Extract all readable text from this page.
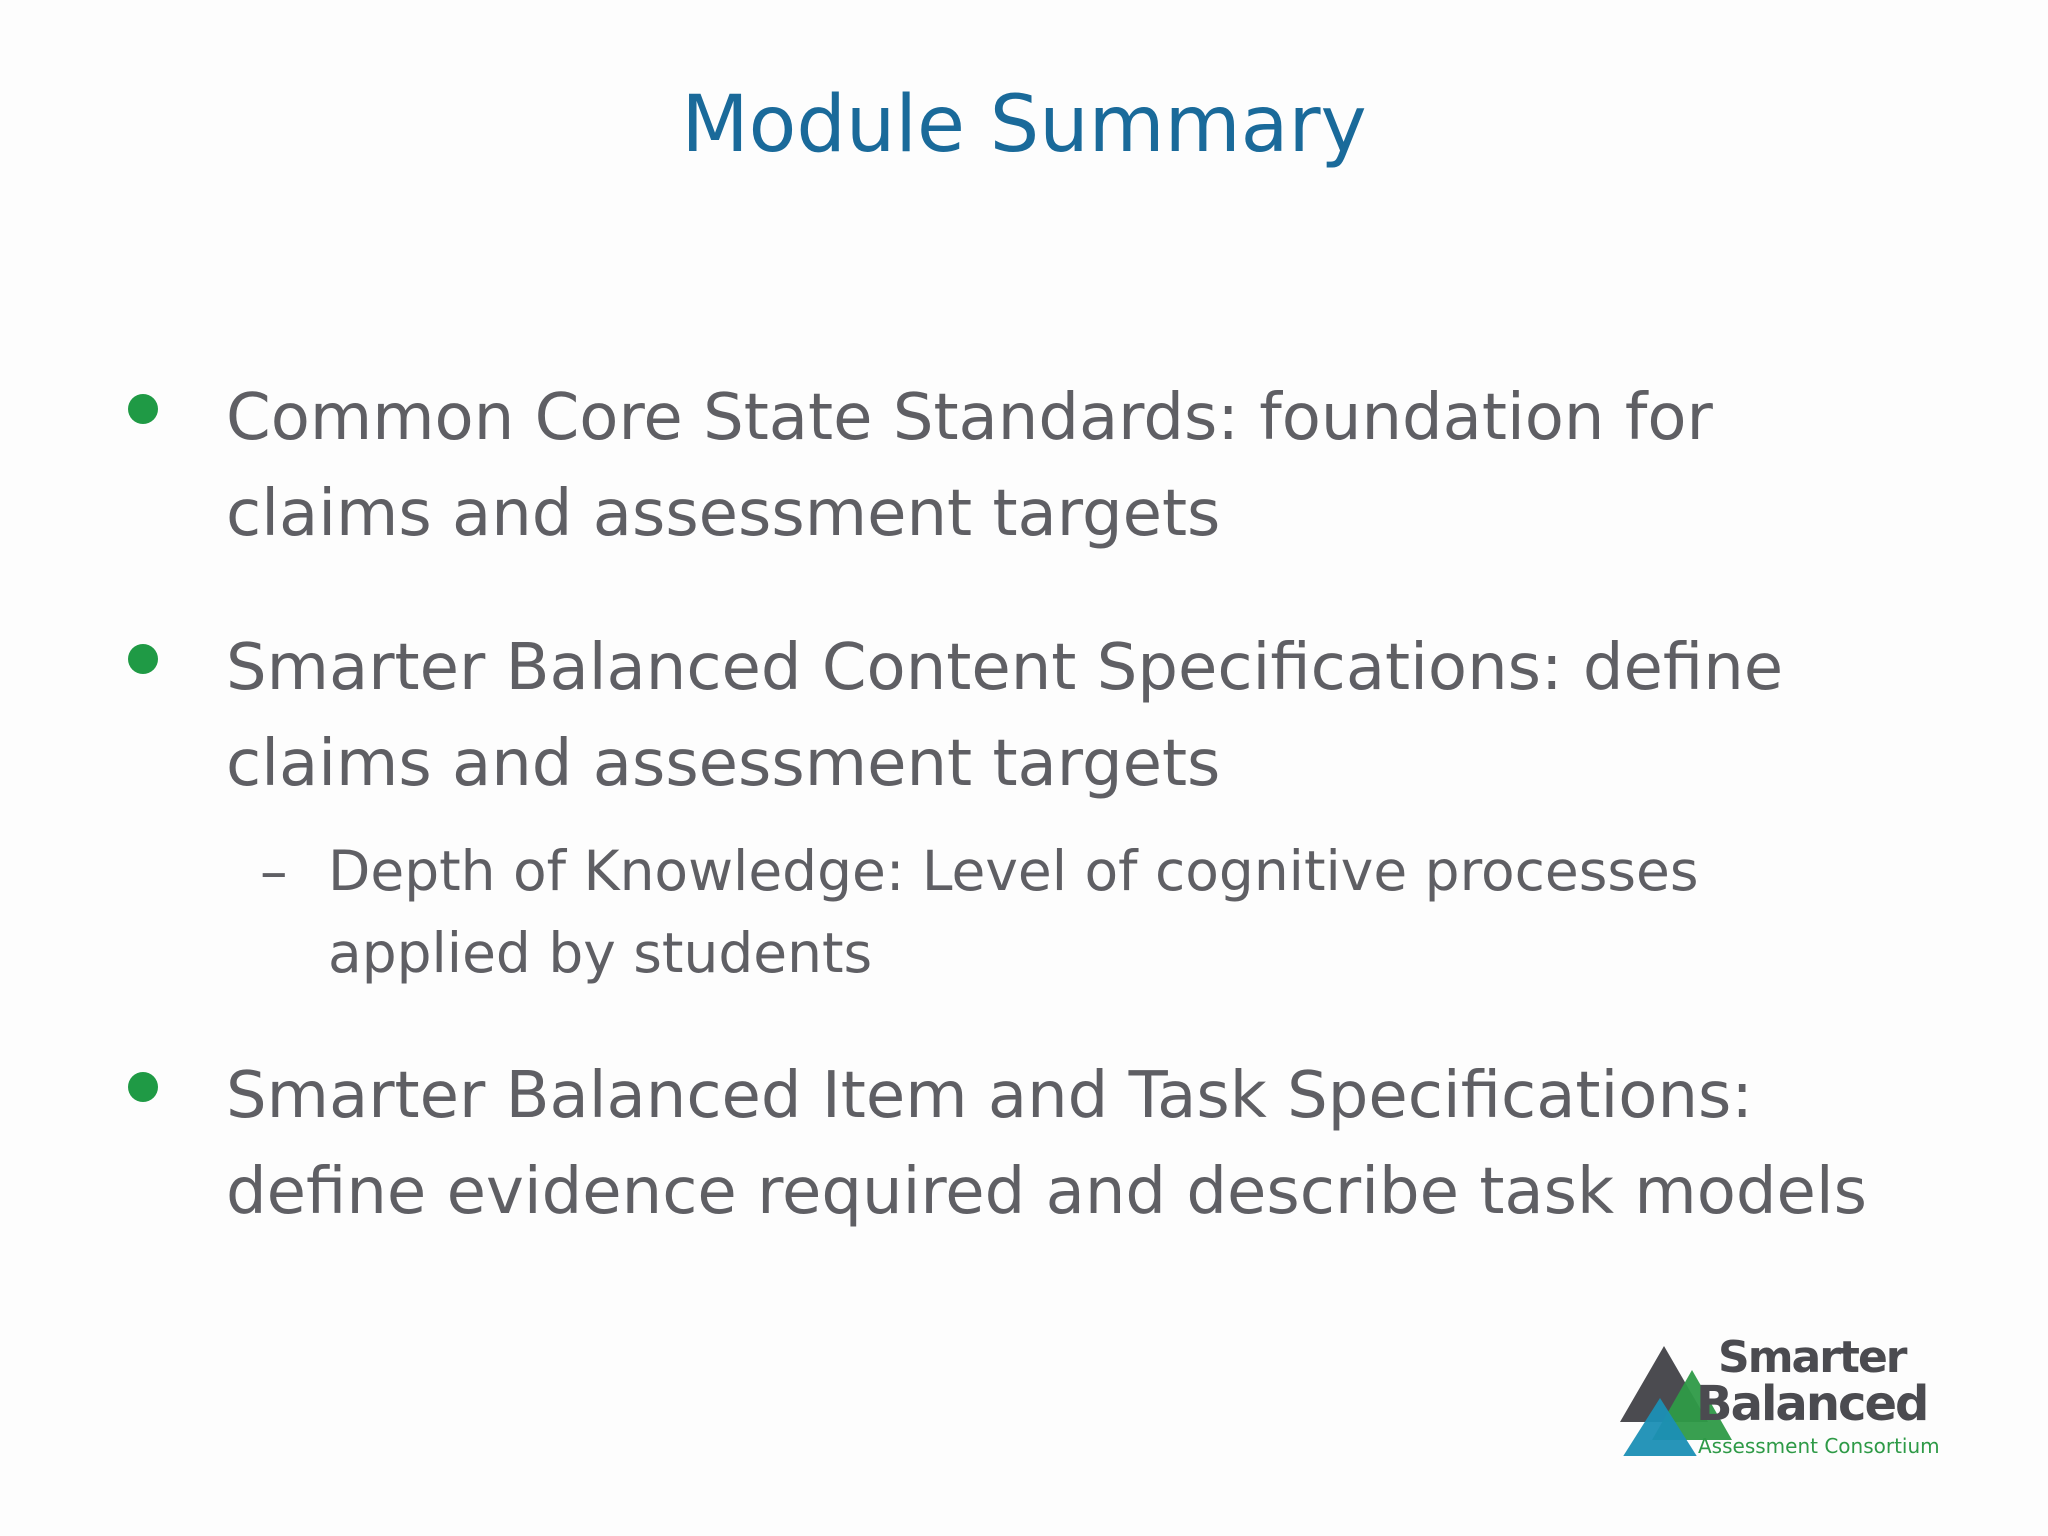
Module Summary
Common Core State Standards: foundation for
claims and assessment targets
Smarter Balanced Content Specifications: define
claims and assessment targets
– Depth of Knowledge: Level of cognitive processes
applied by students
Smarter Balanced Item and Task Specifications:
define evidence required and describe task models
Smarter
Balanced
Assessment Consortium
